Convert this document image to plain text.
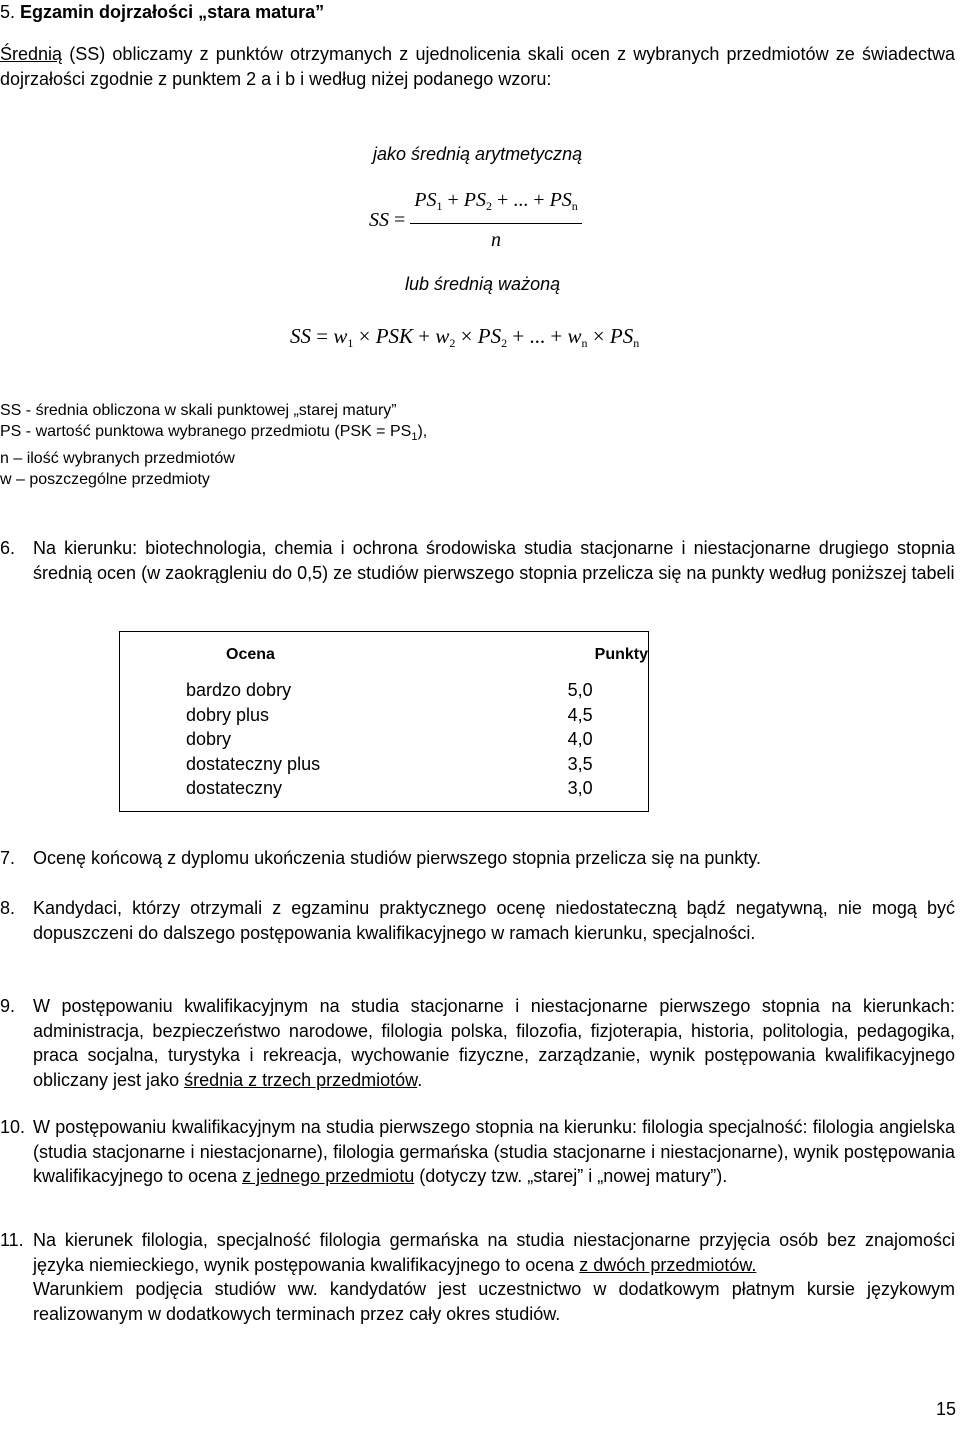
5. Egzamin dojrzałości „stara matura”
Średnią (SS) obliczamy z punktów otrzymanych z ujednolicenia skali ocen z wybranych przedmiotów ze świadectwa dojrzałości zgodnie z punktem 2 a i b i według niżej podanego wzoru:
jako średnią arytmetyczną
SS = $\frac{PS_1 + PS_2 + ... + PS_n}{n}$
lub średnią ważoną
SS = $w_1$ × PSK + $w_2 \times PS_2$ + ... + $w_n \times PS_n$
SS - średnia obliczona w skali punktowej „starej matury”
PS - wartość punktowa wybranego przedmiotu $(PSK = PS_1)$,
n – ilość wybranych przedmiotów
w – poszczególne przedmioty
6. Na kierunku: biotechnologia, chemia i ochrona środowiska studia stacjonarne i niestacjonarne drugiego stopnia średnią ocen (w zaokrągleniu do 0,5) ze studiów pierwszego stopnia przelicza się na punkty według poniższej tabeli
Ocena	Punkty
bardzo dobry	5,0
dobry plus	4,5
dobry	4,0
dostateczny plus	3,5
dostateczny	3,0

7. Ocenę końcową z dyplomu ukończenia studiów pierwszego stopnia przelicza się na punkty.
8. Kandydaci, którzy otrzymali z egzaminu praktycznego ocenę niedostateczną bądź negatywną, nie mogą być dopuszczeni do dalszego postępowania kwalifikacyjnego w ramach kierunku, specjalności.
9. W postępowaniu kwalifikacyjnym na studia stacjonarne i niestacjonarne pierwszego stopnia na kierunkach: administracja, bezpieczeństwo narodowe, filologia polska, filozofia, fizjoterapia, historia, politologia, pedagogika, praca socjalna, turystyka i rekreacja, wychowanie fizyczne, zarządzanie, wynik postępowania kwalifikacyjnego obliczany jest jako średnia z trzech przedmiotów.
10. W postępowaniu kwalifikacyjnym na studia pierwszego stopnia na kierunku: filologia specjalność: filologia angielska (studia stacjonarne i niestacjonarne), filologia germańska (studia stacjonarne i niestacjonarne), wynik postępowania kwalifikacyjnego to ocena z jednego przedmiotu (dotyczy tzw. „starej” i „nowej matury”).
11. Na kierunek filologia, specjalność filologia germańska na studia niestacjonarne przyjęcia osób bez znajomości języka niemieckiego, wynik postępowania kwalifikacyjnego to ocena z dwóch przedmiotów.
Warunkiem podjęcia studiów ww. kandydatów jest uczestnictwo w dodatkowym płatnym kursie językowym realizowanym w dodatkowych terminach przez cały okres studiów.
15
